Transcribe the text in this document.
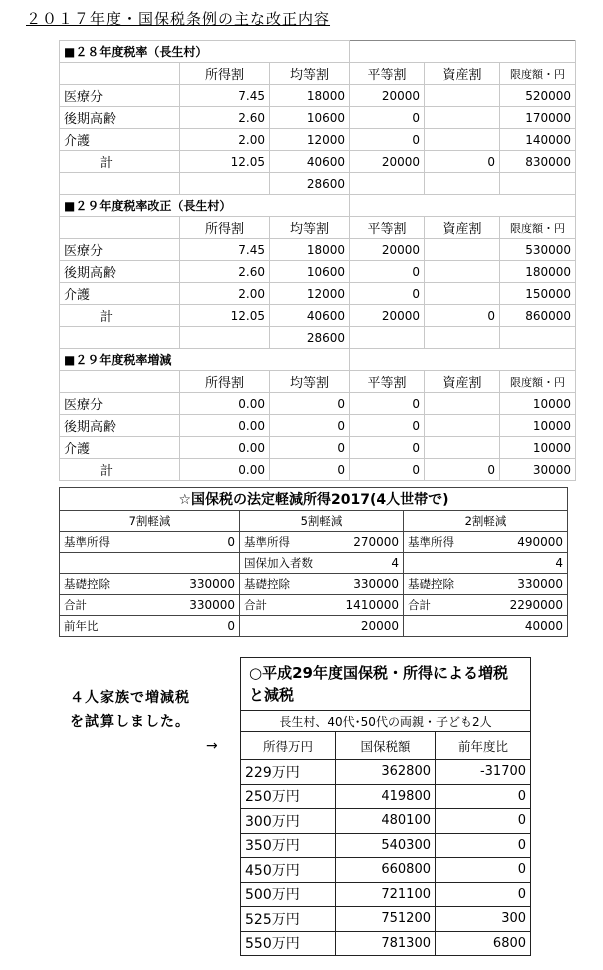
２０１７年度・国保税条例の主な改正内容
■２８年度税率（長生村）					
	所得割	均等割	平等割	資産割	限度額・円
医療分	7.45	18000	20000		520000
後期高齢	2.60	10600	0		170000
介護	2.00	12000	0		140000
計	12.05	40600	20000	0	830000
		28600			
■２９年度税率改正（長生村）					
	所得割	均等割	平等割	資産割	限度額・円
医療分	7.45	18000	20000		530000
後期高齢	2.60	10600	0		180000
介護	2.00	12000	0		150000
計	12.05	40600	20000	0	860000
		28600			
■２９年度税率増減					
	所得割	均等割	平等割	資産割	限度額・円
医療分	0.00	0	0		10000
後期高齢	0.00	0	0		10000
介護	0.00	0	0		10000
計	0.00	0	0	0	30000
☆国保税の法定軽減所得2017(4人世帯で)					
7割軽減		5割軽減		2割軽減	
基準所得	0	基準所得	270000	基準所得	490000
		国保加入者数	4		4
基礎控除	330000	基礎控除	330000	基礎控除	330000
合計	330000	合計	1410000	合計	2290000
前年比	0		20000		40000
４人家族で増減税
を試算しました。
→
○平成29年度国保税・所得による増税と減税		
長生村、40代･50代の両親・子ども2人		
所得万円	国保税額	前年度比
229万円	362800	-31700
250万円	419800	0
300万円	480100	0
350万円	540300	0
450万円	660800	0
500万円	721100	0
525万円	751200	300
550万円	781300	6800
